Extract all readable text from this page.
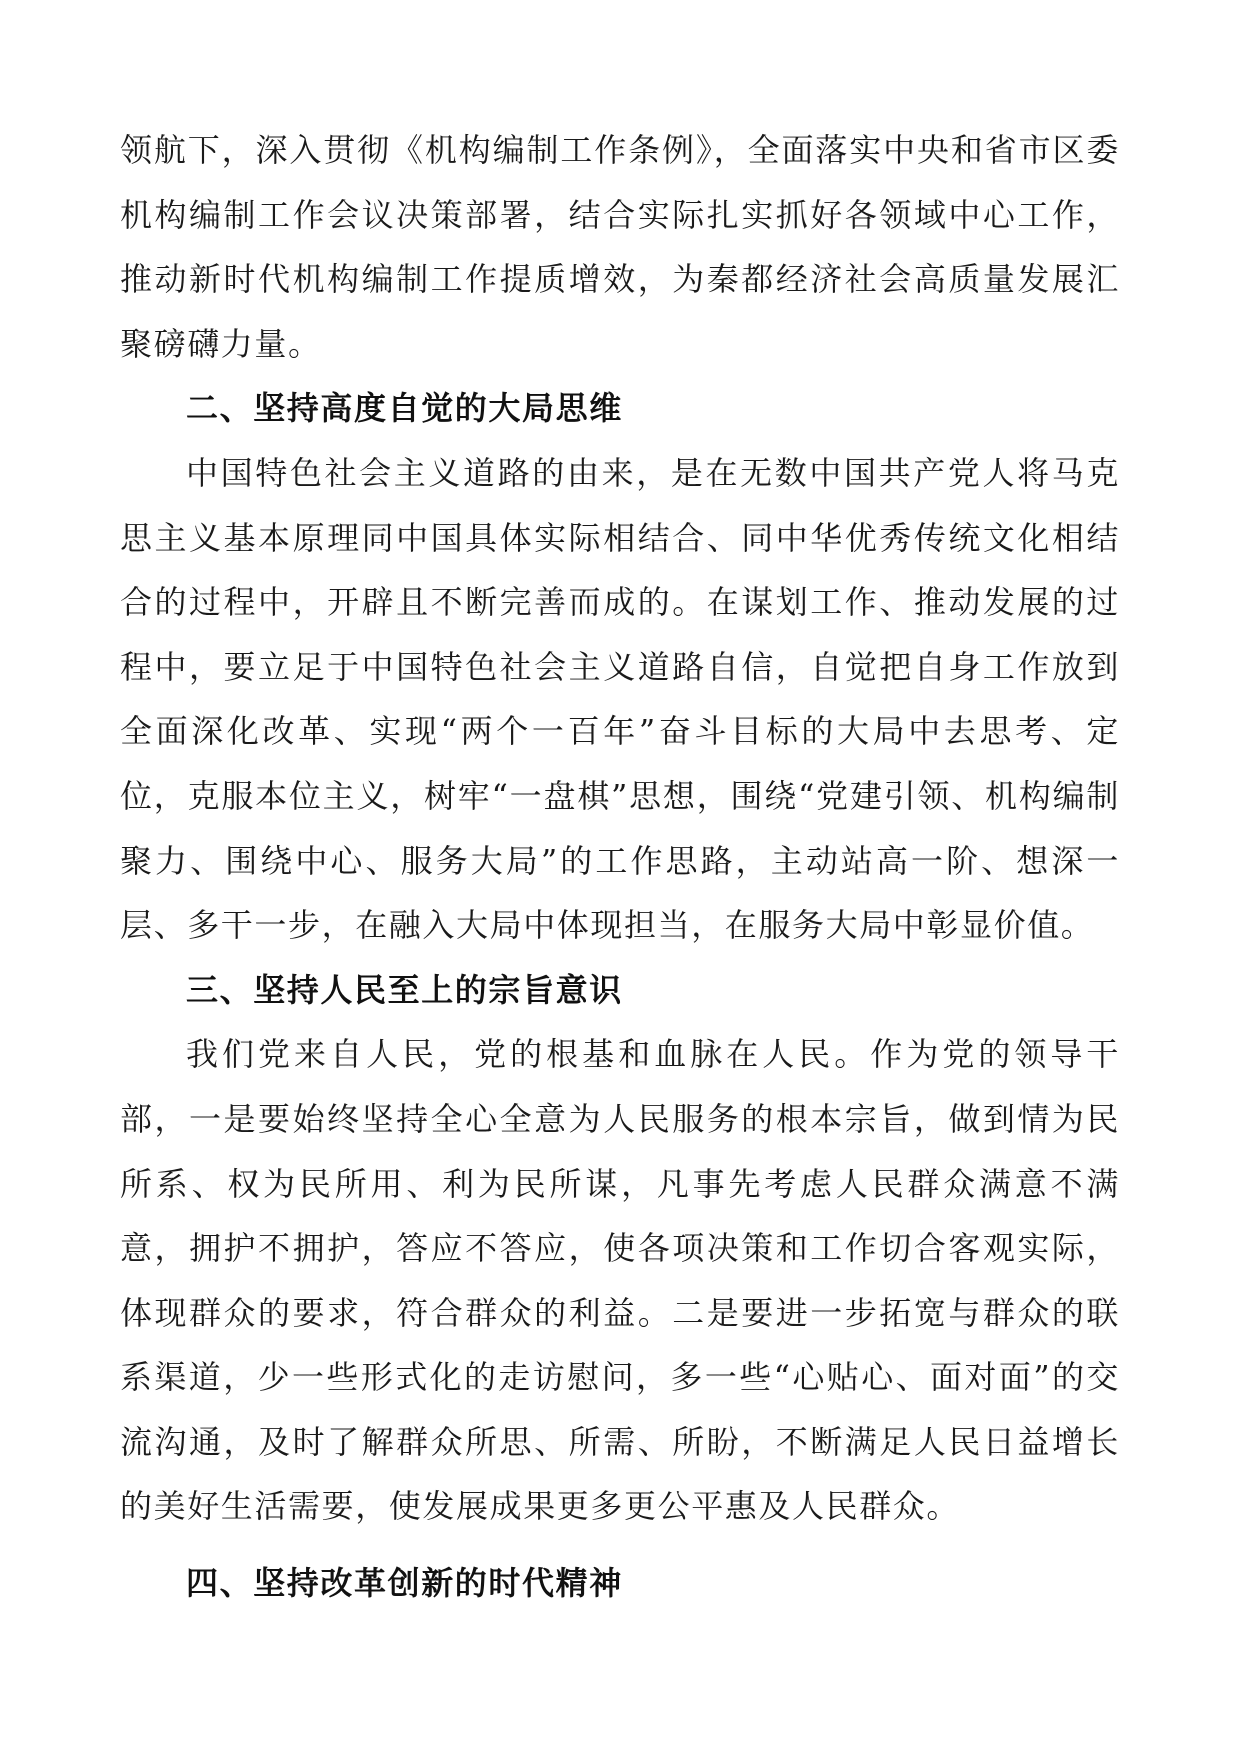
领航下，深入贯彻《机构编制工作条例》，全面落实中央和省市区委机构编制工作会议决策部署，结合实际扎实抓好各领域中心工作，推动新时代机构编制工作提质增效，为秦都经济社会高质量发展汇聚磅礴力量。

二、坚持高度自觉的大局思维

中国特色社会主义道路的由来，是在无数中国共产党人将马克思主义基本原理同中国具体实际相结合、同中华优秀传统文化相结合的过程中，开辟且不断完善而成的。在谋划工作、推动发展的过程中，要立足于中国特色社会主义道路自信，自觉把自身工作放到全面深化改革、实现“两个一百年”奋斗目标的大局中去思考、定位，克服本位主义，树牢“一盘棋”思想，围绕“党建引领、机构编制聚力、围绕中心、服务大局”的工作思路，主动站高一阶、想深一层、多干一步，在融入大局中体现担当，在服务大局中彰显价值。

三、坚持人民至上的宗旨意识

我们党来自人民，党的根基和血脉在人民。作为党的领导干部，一是要始终坚持全心全意为人民服务的根本宗旨，做到情为民所系、权为民所用、利为民所谋，凡事先考虑人民群众满意不满意，拥护不拥护，答应不答应，使各项决策和工作切合客观实际，体现群众的要求，符合群众的利益。二是要进一步拓宽与群众的联系渠道，少一些形式化的走访慰问，多一些“心贴心、面对面”的交流沟通，及时了解群众所思、所需、所盼，不断满足人民日益增长的美好生活需要，使发展成果更多更公平惠及人民群众。

四、坚持改革创新的时代精神
